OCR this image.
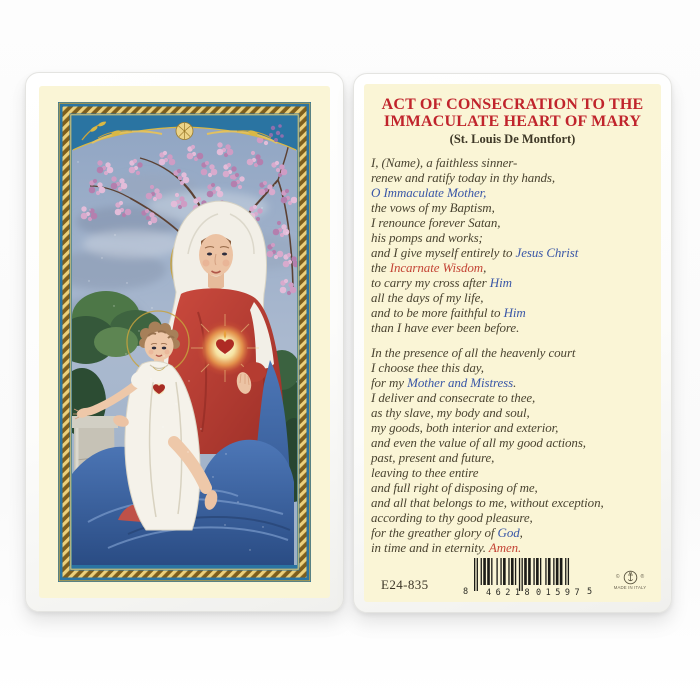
ACT OF CONSECRATION TO THE
IMMACULATE HEART OF MARY
(St. Louis De Montfort)
I, (Name), a faithless sinner-
renew and ratify today in thy hands,
O Immaculate Mother,
the vows of my Baptism,
I renounce forever Satan,
his pomps and works;
and I give myself entirely to Jesus Christ
the Incarnate Wisdom,
to carry my cross after Him
all the days of my life,
and to be more faithful to Him
than I have ever been before.
In the presence of all the heavenly court
I choose thee this day,
for my Mother and Mistress.
I deliver and consecrate to thee,
as thy slave, my body and soul,
my goods, both interior and exterior,
and even the value of all my good actions,
past, present and future,
leaving to thee entire
and full right of disposing of me,
and all that belongs to me, without exception,
according to thy good pleasure,
for the greather glory of God,
in time and in eternity. Amen.
E24-835	8 46218 01597 5
©	®
MADE IN ITALY
